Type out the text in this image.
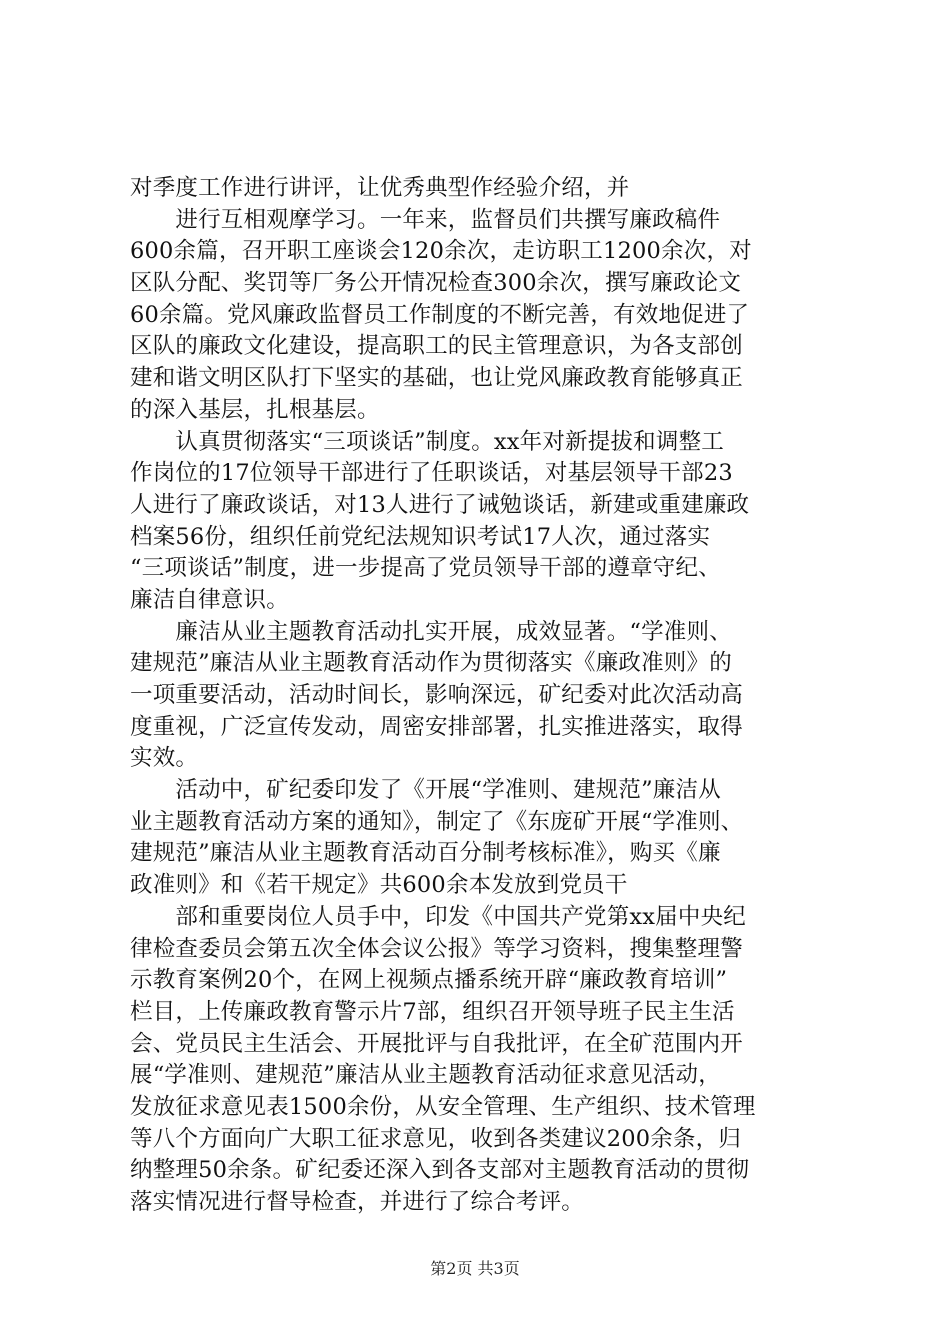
对季度工作进行讲评，让优秀典型作经验介绍，并
　　进行互相观摩学习。一年来，监督员们共撰写廉政稿件
600余篇，召开职工座谈会120余次，走访职工1200余次，对
区队分配、奖罚等厂务公开情况检查300余次，撰写廉政论文
60余篇。党风廉政监督员工作制度的不断完善，有效地促进了
区队的廉政文化建设，提高职工的民主管理意识，为各支部创
建和谐文明区队打下坚实的基础，也让党风廉政教育能够真正
的深入基层，扎根基层。
　　认真贯彻落实“三项谈话”制度。xx年对新提拔和调整工
作岗位的17位领导干部进行了任职谈话，对基层领导干部23
人进行了廉政谈话，对13人进行了诫勉谈话，新建或重建廉政
档案56份，组织任前党纪法规知识考试17人次，通过落实
“三项谈话”制度，进一步提高了党员领导干部的遵章守纪、
廉洁自律意识。
　　廉洁从业主题教育活动扎实开展，成效显著。“学准则、
建规范”廉洁从业主题教育活动作为贯彻落实《廉政准则》的
一项重要活动，活动时间长，影响深远，矿纪委对此次活动高
度重视，广泛宣传发动，周密安排部署，扎实推进落实，取得
实效。
　　活动中，矿纪委印发了《开展“学准则、建规范”廉洁从
业主题教育活动方案的通知》，制定了《东庞矿开展“学准则、
建规范”廉洁从业主题教育活动百分制考核标准》，购买《廉
政准则》和《若干规定》共600余本发放到党员干
　　部和重要岗位人员手中，印发《中国共产党第xx届中央纪
律检查委员会第五次全体会议公报》等学习资料，搜集整理警
示教育案例20个，在网上视频点播系统开辟“廉政教育培训”
栏目，上传廉政教育警示片7部，组织召开领导班子民主生活
会、党员民主生活会、开展批评与自我批评，在全矿范围内开
展“学准则、建规范”廉洁从业主题教育活动征求意见活动，
发放征求意见表1500余份，从安全管理、生产组织、技术管理
等八个方面向广大职工征求意见，收到各类建议200余条，归
纳整理50余条。矿纪委还深入到各支部对主题教育活动的贯彻
落实情况进行督导检查，并进行了综合考评。
第2页 共3页
